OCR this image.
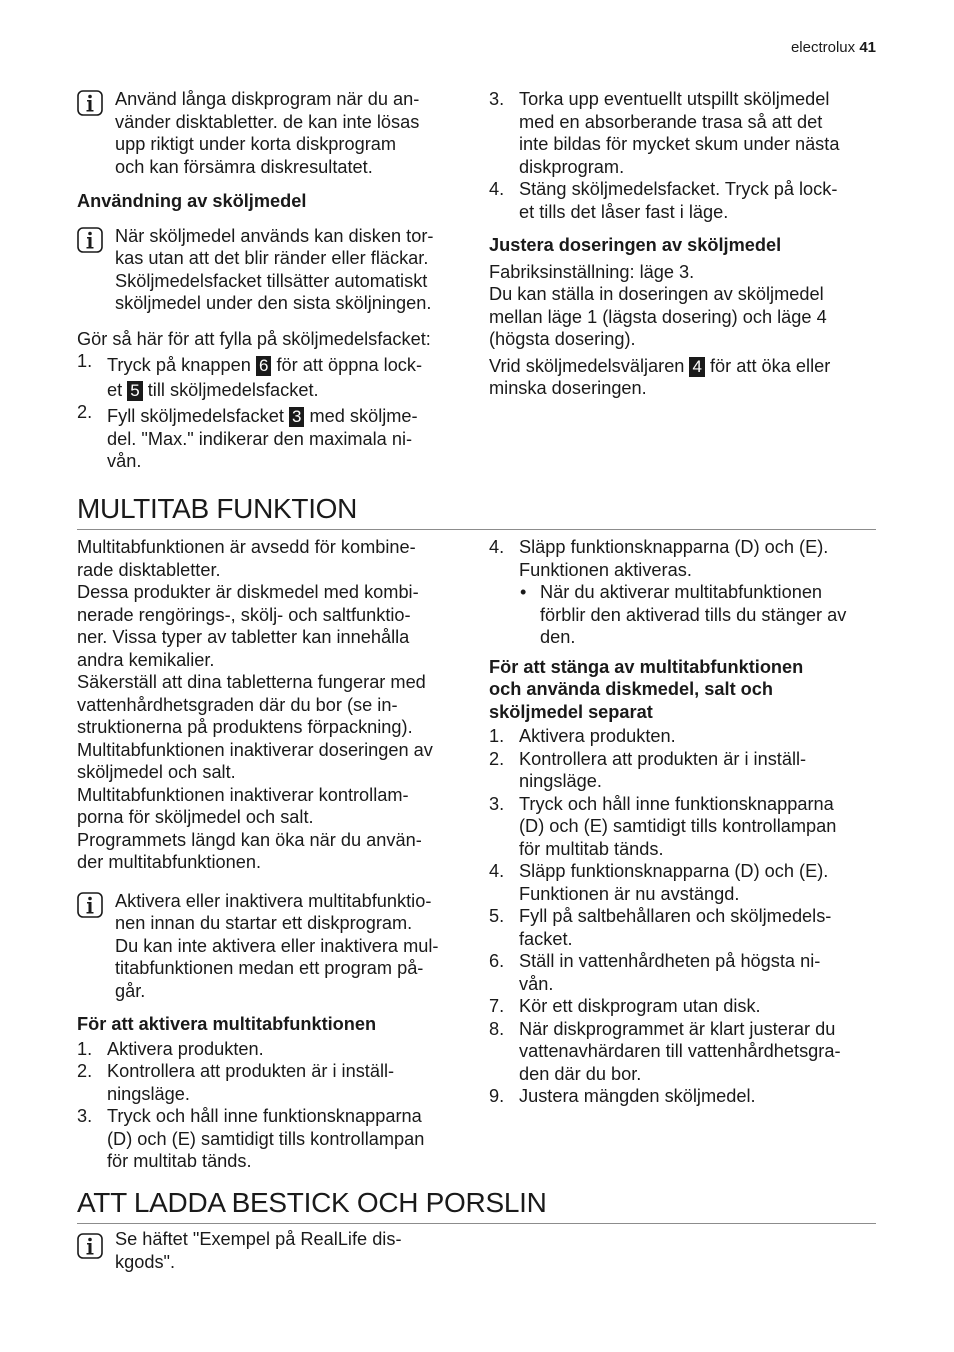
electrolux 41

Använd långa diskprogram när du an-
vänder disktabletter. de kan inte lösas
upp riktigt under korta diskprogram
och kan försämra diskresultatet.

Användning av sköljmedel

När sköljmedel används kan disken tor-
kas utan att det blir ränder eller fläckar.
Sköljmedelsfacket tillsätter automatiskt
sköljmedel under den sista sköljningen.

Gör så här för att fylla på sköljmedelsfacket:

1. Tryck på knappen 6 för att öppna lock-
et 5 till sköljmedelsfacket.
2. Fyll sköljmedelsfacket 3 med sköljme-
del. "Max." indikerar den maximala ni-
vån.
3. Torka upp eventuellt utspillt sköljmedel
med en absorberande trasa så att det
inte bildas för mycket skum under nästa
diskprogram.

4. Stäng sköljmedelsfacket. Tryck på lock-
et tills det låser fast i läge.

Justera doseringen av sköljmedel

Fabriksinställning: läge 3.
Du kan ställa in doseringen av sköljmedel
mellan läge 1 (lägsta dosering) och läge 4
(högsta dosering).

Vrid sköljmedelsväljaren 4 för att öka eller
minska doseringen.

MULTITAB FUNKTION

Multitabfunktionen är avsedd för kombine-
rade disktabletter.
Dessa produkter är diskmedel med kombi-
nerade rengörings-, skölj- och saltfunktio-
ner. Vissa typer av tabletter kan innehålla
andra kemikalier.
Säkerställ att dina tabletterna fungerar med
vattenhårdhetsgraden där du bor (se in-
struktionerna på produktens förpackning).
Multitabfunktionen inaktiverar doseringen av
sköljmedel och salt.
Multitabfunktionen inaktiverar kontrollam-
porna för sköljmedel och salt.
Programmets längd kan öka när du använ-
der multitabfunktionen.

Aktivera eller inaktivera multitabfunktio-
nen innan du startar ett diskprogram.
Du kan inte aktivera eller inaktivera mul-
titabfunktionen medan ett program på-
går.

För att aktivera multitabfunktionen

1. Aktivera produkten.

2. Kontrollera att produkten är i inställ-
ningsläge.

3. Tryck och håll inne funktionsknapparna
(D) och (E) samtidigt tills kontrollampan
för multitab tänds.

4. Släpp funktionsknapparna (D) och (E).
Funktionen aktiveras.

• När du aktiverar multitabfunktionen
förblir den aktiverad tills du stänger av
den.

För att stänga av multitabfunktionen
och använda diskmedel, salt och
sköljmedel separat

1. Aktivera produkten.

2. Kontrollera att produkten är i inställ-
ningsläge.

3. Tryck och håll inne funktionsknapparna
(D) och (E) samtidigt tills kontrollampan
för multitab tänds.

4. Släpp funktionsknapparna (D) och (E).
Funktionen är nu avstängd.

5. Fyll på saltbehållaren och sköljmedels-
facket.

6. Ställ in vattenhårdheten på högsta ni-
vån.

7. Kör ett diskprogram utan disk.

8. När diskprogrammet är klart justerar du
vattenavhärdaren till vattenhårdhetsgra-
den där du bor.

9. Justera mängden sköljmedel.

ATT LADDA BESTICK OCH PORSLIN

Se häftet "Exempel på RealLife dis-
kgods".
